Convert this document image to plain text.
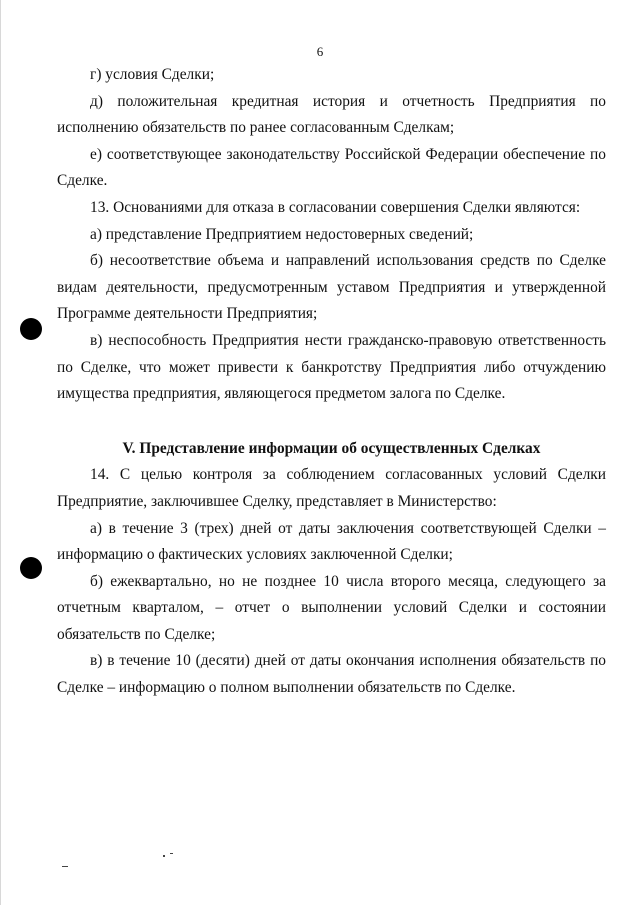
6

г) условия Сделки;

д) положительная кредитная история и отчетность Предприятия по исполнению обязательств по ранее согласованным Сделкам;

е) соответствующее законодательству Российской Федерации обеспечение по Сделке.

13. Основаниями для отказа в согласовании совершения Сделки являются:

а) представление Предприятием недостоверных сведений;

б) несоответствие объема и направлений использования средств по Сделке видам деятельности, предусмотренным уставом Предприятия и утвержденной Программе деятельности Предприятия;

в) неспособность Предприятия нести гражданско-правовую ответственность по Сделке, что может привести к банкротству Предприятия либо отчуждению имущества предприятия, являющегося предметом залога по Сделке.

V. Представление информации об осуществленных Сделках

14. С целью контроля за соблюдением согласованных условий Сделки Предприятие, заключившее Сделку, представляет в Министерство:

а) в течение 3 (трех) дней от даты заключения соответствующей Сделки – информацию о фактических условиях заключенной Сделки;

б) ежеквартально, но не позднее 10 числа второго месяца, следующего за отчетным кварталом, – отчет о выполнении условий Сделки и состоянии обязательств по Сделке;

в) в течение 10 (десяти) дней от даты окончания исполнения обязательств по Сделке – информацию о полном выполнении обязательств по Сделке.
